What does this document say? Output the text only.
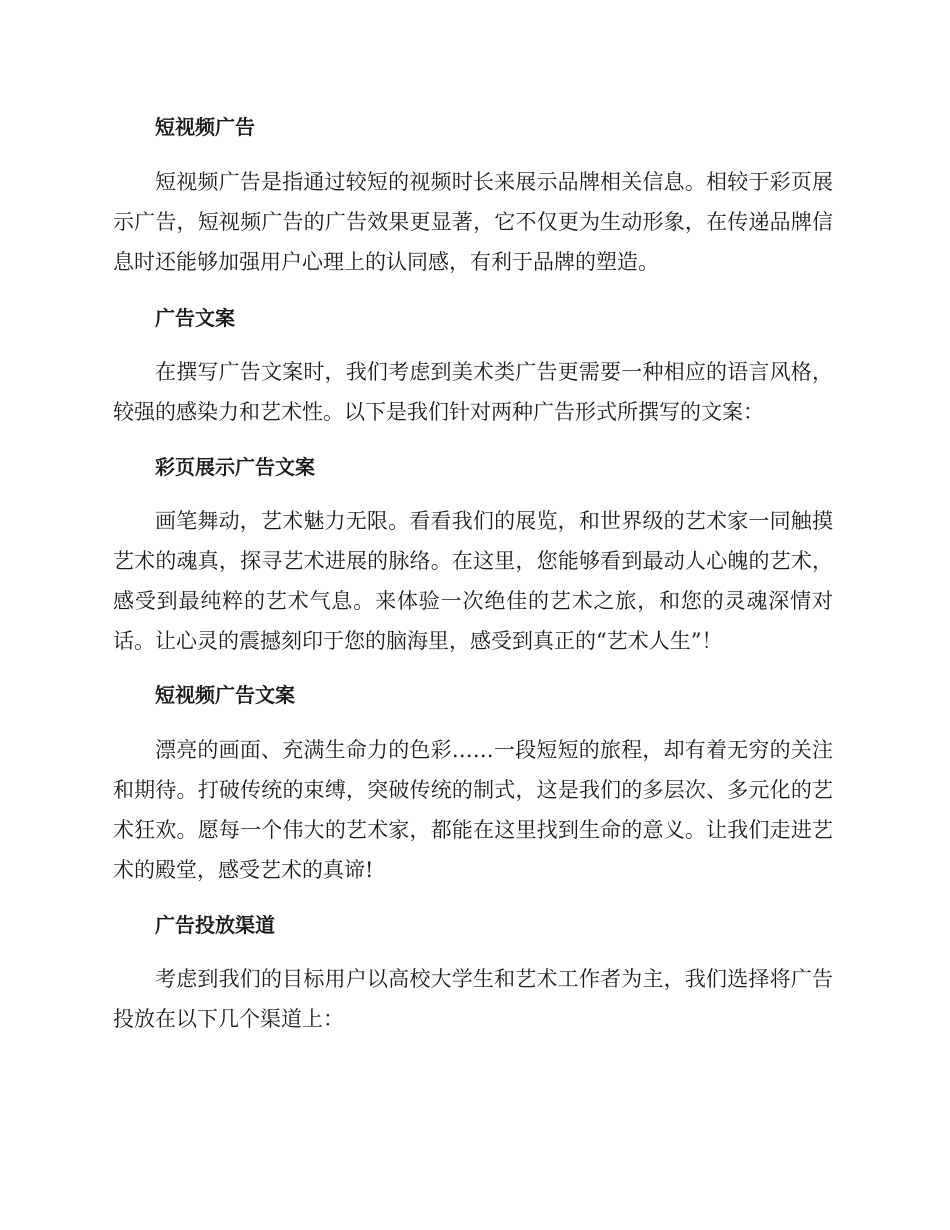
短视频广告

短视频广告是指通过较短的视频时长来展示品牌相关信息。相较于彩页展示广告，短视频广告的广告效果更显著，它不仅更为生动形象，在传递品牌信息时还能够加强用户心理上的认同感，有利于品牌的塑造。

广告文案

在撰写广告文案时，我们考虑到美术类广告更需要一种相应的语言风格，较强的感染力和艺术性。以下是我们针对两种广告形式所撰写的文案：

彩页展示广告文案

画笔舞动，艺术魅力无限。看看我们的展览，和世界级的艺术家一同触摸艺术的魂真，探寻艺术进展的脉络。在这里，您能够看到最动人心魄的艺术，感受到最纯粹的艺术气息。来体验一次绝佳的艺术之旅，和您的灵魂深情对话。让心灵的震撼刻印于您的脑海里，感受到真正的“艺术人生”！

短视频广告文案

漂亮的画面、充满生命力的色彩……一段短短的旅程，却有着无穷的关注和期待。打破传统的束缚，突破传统的制式，这是我们的多层次、多元化的艺术狂欢。愿每一个伟大的艺术家，都能在这里找到生命的意义。让我们走进艺术的殿堂，感受艺术的真谛!

广告投放渠道

考虑到我们的目标用户以高校大学生和艺术工作者为主，我们选择将广告投放在以下几个渠道上：
